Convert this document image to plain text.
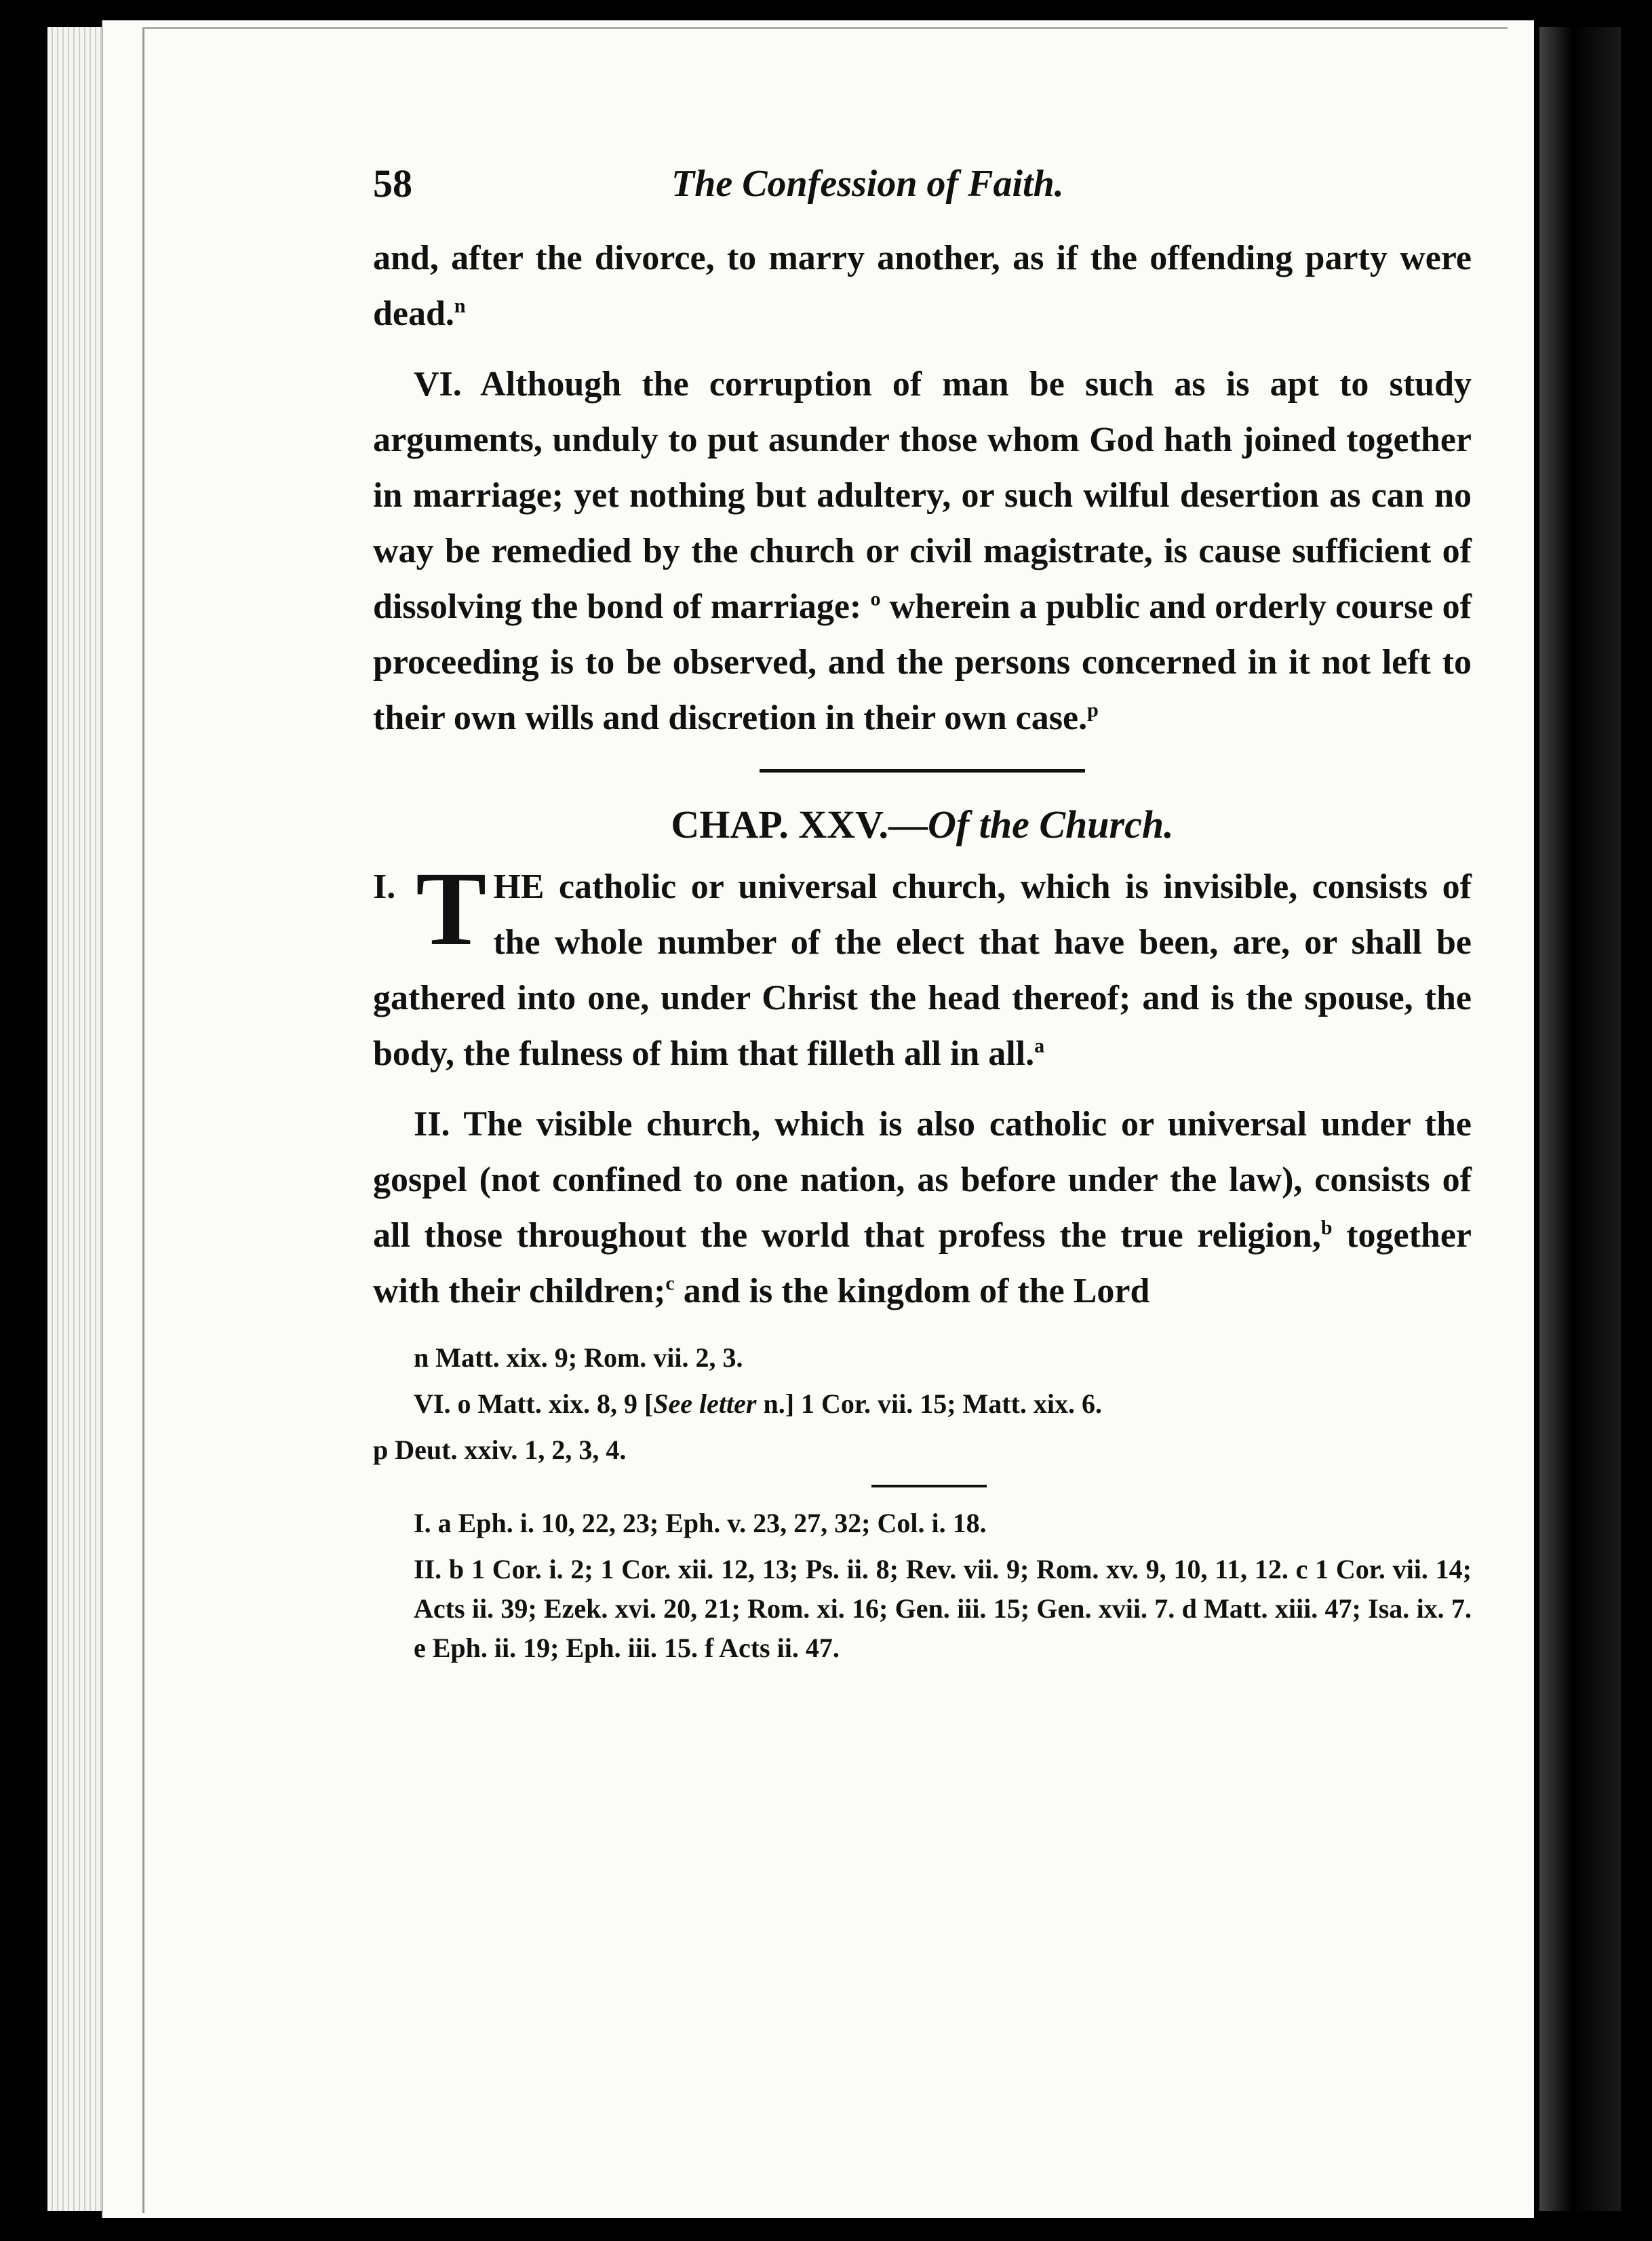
58	The Confession of Faith.

and, after the divorce, to marry another, as if the offending party were dead.$^n$

VI. Although the corruption of man be such as is apt to study arguments, unduly to put asunder those whom God hath joined together in marriage; yet nothing but adultery, or such wilful desertion as can no way be remedied by the church or civil magistrate, is cause sufficient of dissolving the bond of marriage: $^o$ wherein a public and orderly course of proceeding is to be observed, and the persons concerned in it not left to their own wills and discretion in their own case.$^p$

CHAP. XXV.—Of the Church.

I. T HE catholic or universal church, which is invisible, consists of the whole number of the elect that have been, are, or shall be gathered into one, under Christ the head thereof; and is the spouse, the body, the fulness of him that filleth all in all.$^a$

II. The visible church, which is also catholic or universal under the gospel (not confined to one nation, as before under the law), consists of all those throughout the world that profess the true religion,$^b$ together with their children;$^c$ and is the kingdom of the Lord

n Matt. xix. 9; Rom. vii. 2, 3.

VI. o Matt. xix. 8, 9 [See letter n.] 1 Cor. vii. 15; Matt. xix. 6.

p Deut. xxiv. 1, 2, 3, 4.

I. a Eph. i. 10, 22, 23; Eph. v. 23, 27, 32; Col. i. 18.

II. b 1 Cor. i. 2; 1 Cor. xii. 12, 13; Ps. ii. 8; Rev. vii. 9; Rom. xv. 9, 10, 11, 12. c 1 Cor. vii. 14; Acts ii. 39; Ezek. xvi. 20, 21; Rom. xi. 16; Gen. iii. 15; Gen. xvii. 7. d Matt. xiii. 47; Isa. ix. 7. e Eph. ii. 19; Eph. iii. 15. f Acts ii. 47.
